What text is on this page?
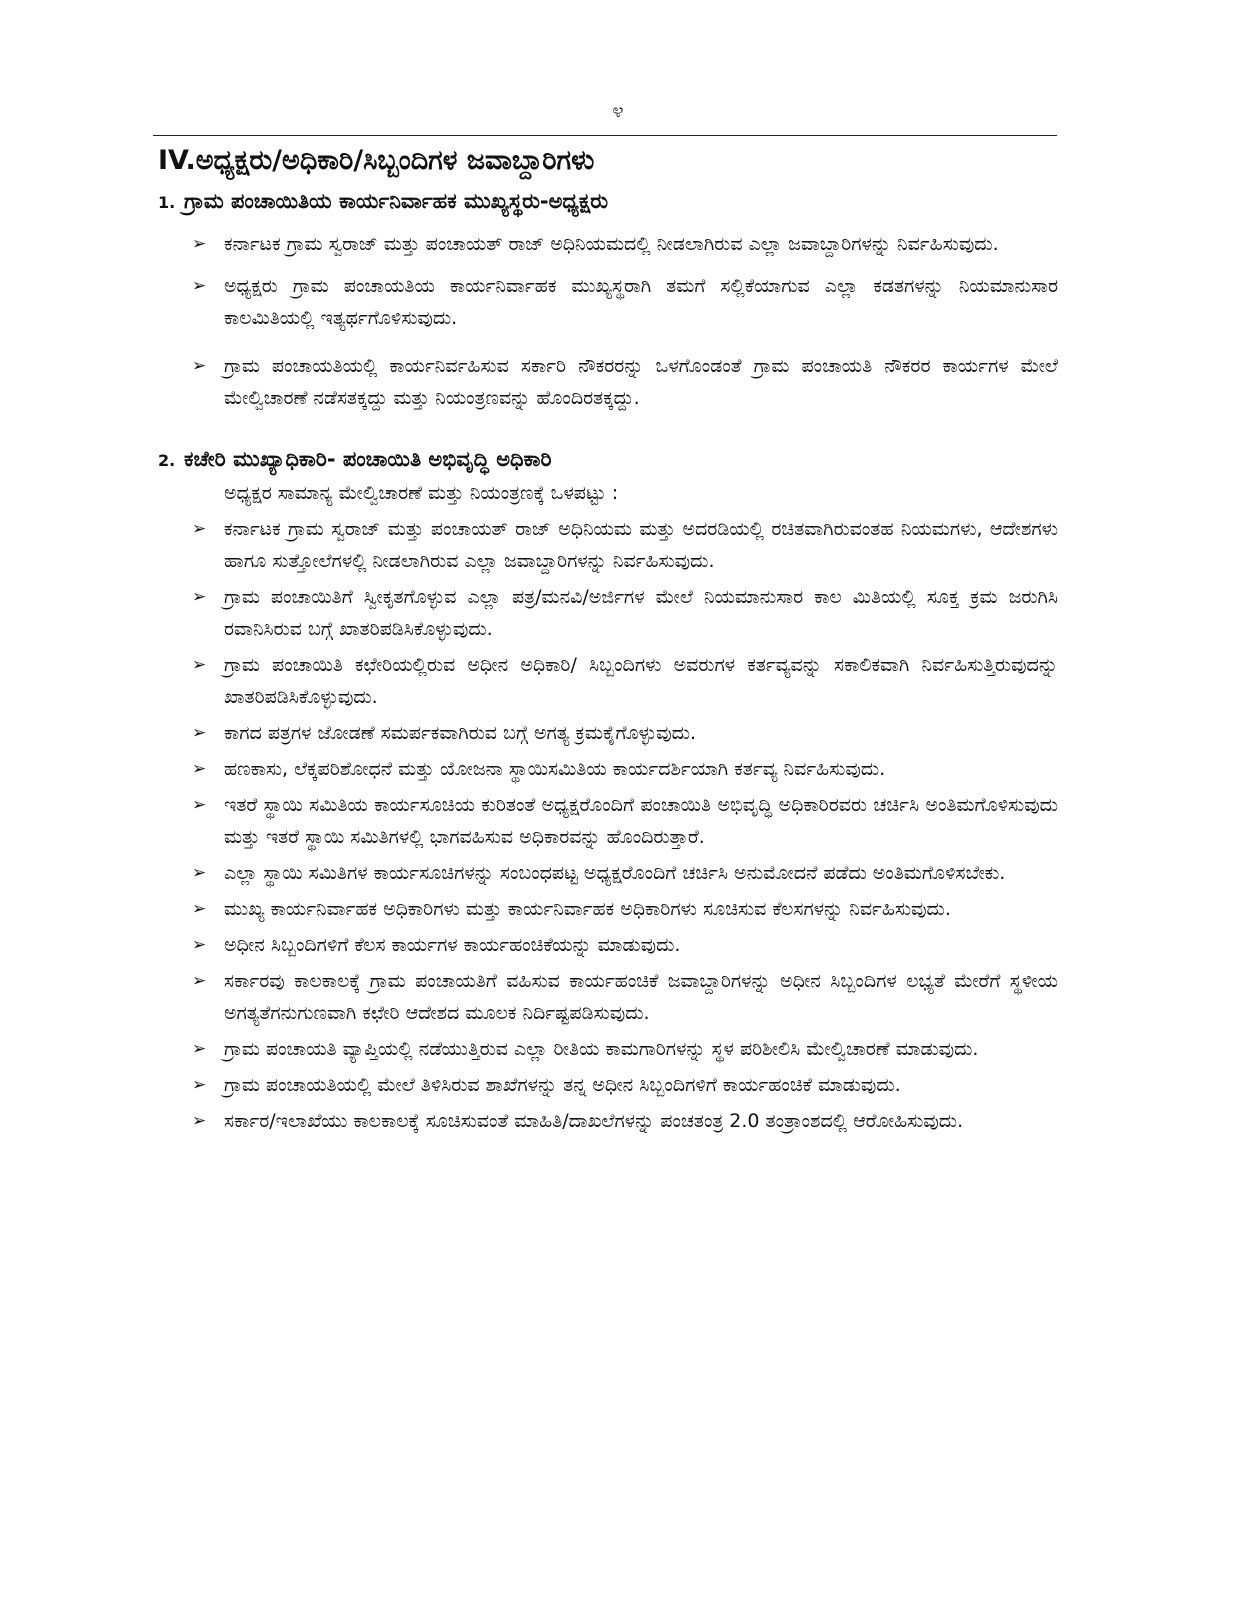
೪
IV.ಅಧ್ಯಕ್ಷರು/ಅಧಿಕಾರಿ/ಸಿಬ್ಬಂದಿಗಳ ಜವಾಬ್ದಾರಿಗಳು
1. ಗ್ರಾಮ ಪಂಚಾಯಿತಿಯ ಕಾರ್ಯನಿರ್ವಾಹಕ ಮುಖ್ಯಸ್ಥರು-ಅಧ್ಯಕ್ಷರು
➢ ಕರ್ನಾಟಕ ಗ್ರಾಮ ಸ್ವರಾಜ್ ಮತ್ತು ಪಂಚಾಯತ್ ರಾಜ್ ಅಧಿನಿಯಮದಲ್ಲಿ ನೀಡಲಾಗಿರುವ ಎಲ್ಲಾ ಜವಾಬ್ದಾರಿಗಳನ್ನು ನಿರ್ವಹಿಸುವುದು.
➢ ಅಧ್ಯಕ್ಷರು ಗ್ರಾಮ ಪಂಚಾಯತಿಯ ಕಾರ್ಯನಿರ್ವಾಹಕ ಮುಖ್ಯಸ್ಥರಾಗಿ ತಮಗೆ ಸಲ್ಲಿಕೆಯಾಗುವ ಎಲ್ಲಾ ಕಡತಗಳನ್ನು ನಿಯಮಾನುಸಾರ ಕಾಲಮಿತಿಯಲ್ಲಿ ಇತ್ಯರ್ಥಗೊಳಿಸುವುದು.
➢ ಗ್ರಾಮ ಪಂಚಾಯತಿಯಲ್ಲಿ ಕಾರ್ಯನಿರ್ವಹಿಸುವ ಸರ್ಕಾರಿ ನೌಕರರನ್ನು ಒಳಗೊಂಡಂತೆ ಗ್ರಾಮ ಪಂಚಾಯತಿ ನೌಕರರ ಕಾರ್ಯಗಳ ಮೇಲೆ ಮೇಲ್ವಿಚಾರಣೆ ನಡೆಸತಕ್ಕದ್ದು ಮತ್ತು ನಿಯಂತ್ರಣವನ್ನು ಹೊಂದಿರತಕ್ಕದ್ದು.
2. ಕಚೇರಿ ಮುಖ್ಯಾಧಿಕಾರಿ- ಪಂಚಾಯಿತಿ ಅಭಿವೃದ್ಧಿ ಅಧಿಕಾರಿ
ಅಧ್ಯಕ್ಷರ ಸಾಮಾನ್ಯ ಮೇಲ್ವಿಚಾರಣೆ ಮತ್ತು ನಿಯಂತ್ರಣಕ್ಕೆ ಒಳಪಟ್ಟು :
➢ ಕರ್ನಾಟಕ ಗ್ರಾಮ ಸ್ವರಾಜ್ ಮತ್ತು ಪಂಚಾಯತ್ ರಾಜ್ ಅಧಿನಿಯಮ ಮತ್ತು ಅದರಡಿಯಲ್ಲಿ ರಚಿತವಾಗಿರುವಂತಹ ನಿಯಮಗಳು, ಆದೇಶಗಳು ಹಾಗೂ ಸುತ್ತೋಲೆಗಳಲ್ಲಿ ನೀಡಲಾಗಿರುವ ಎಲ್ಲಾ ಜವಾಬ್ದಾರಿಗಳನ್ನು ನಿರ್ವಹಿಸುವುದು.
➢ ಗ್ರಾಮ ಪಂಚಾಯಿತಿಗೆ ಸ್ವೀಕೃತಗೊಳ್ಳುವ ಎಲ್ಲಾ ಪತ್ರ/ಮನವಿ/ಅರ್ಜಿಗಳ ಮೇಲೆ ನಿಯಮಾನುಸಾರ ಕಾಲ ಮಿತಿಯಲ್ಲಿ ಸೂಕ್ತ ಕ್ರಮ ಜರುಗಿಸಿ ರವಾನಿಸಿರುವ ಬಗ್ಗೆ ಖಾತರಿಪಡಿಸಿಕೊಳ್ಳುವುದು.
➢ ಗ್ರಾಮ ಪಂಚಾಯಿತಿ ಕಛೇರಿಯಲ್ಲಿರುವ ಅಧೀನ ಅಧಿಕಾರಿ/ ಸಿಬ್ಬಂದಿಗಳು ಅವರುಗಳ ಕರ್ತವ್ಯವನ್ನು ಸಕಾಲಿಕವಾಗಿ ನಿರ್ವಹಿಸುತ್ತಿರುವುದನ್ನು ಖಾತರಿಪಡಿಸಿಕೊಳ್ಳುವುದು.
➢ ಕಾಗದ ಪತ್ರಗಳ ಜೋಡಣೆ ಸಮರ್ಪಕವಾಗಿರುವ ಬಗ್ಗೆ ಅಗತ್ಯ ಕ್ರಮಕೈಗೊಳ್ಳುವುದು.
➢ ಹಣಕಾಸು, ಲೆಕ್ಕಪರಿಶೋಧನೆ ಮತ್ತು ಯೋಜನಾ ಸ್ಥಾಯಿಸಮಿತಿಯ ಕಾರ್ಯದರ್ಶಿಯಾಗಿ ಕರ್ತವ್ಯ ನಿರ್ವಹಿಸುವುದು.
➢ ಇತರೆ ಸ್ಥಾಯಿ ಸಮಿತಿಯ ಕಾರ್ಯಸೂಚಿಯ ಕುರಿತಂತೆ ಅಧ್ಯಕ್ಷರೊಂದಿಗೆ ಪಂಚಾಯಿತಿ ಅಭಿವೃದ್ಧಿ ಅಧಿಕಾರಿರವರು ಚರ್ಚಿಸಿ ಅಂತಿಮಗೊಳಿಸುವುದು ಮತ್ತು ಇತರೆ ಸ್ಥಾಯಿ ಸಮಿತಿಗಳಲ್ಲಿ ಭಾಗವಹಿಸುವ ಅಧಿಕಾರವನ್ನು ಹೊಂದಿರುತ್ತಾರೆ.
➢ ಎಲ್ಲಾ ಸ್ಥಾಯಿ ಸಮಿತಿಗಳ ಕಾರ್ಯಸೂಚಿಗಳನ್ನು ಸಂಬಂಧಪಟ್ಟ ಅಧ್ಯಕ್ಷರೊಂದಿಗೆ ಚರ್ಚಿಸಿ ಅನುಮೋದನೆ ಪಡೆದು ಅಂತಿಮಗೊಳಿಸಬೇಕು.
➢ ಮುಖ್ಯ ಕಾರ್ಯನಿರ್ವಾಹಕ ಅಧಿಕಾರಿಗಳು ಮತ್ತು ಕಾರ್ಯನಿರ್ವಾಹಕ ಅಧಿಕಾರಿಗಳು ಸೂಚಿಸುವ ಕೆಲಸಗಳನ್ನು ನಿರ್ವಹಿಸುವುದು.
➢ ಅಧೀನ ಸಿಬ್ಬಂದಿಗಳಿಗೆ ಕೆಲಸ ಕಾರ್ಯಗಳ ಕಾರ್ಯಹಂಚಿಕೆಯನ್ನು ಮಾಡುವುದು.
➢ ಸರ್ಕಾರವು ಕಾಲಕಾಲಕ್ಕೆ ಗ್ರಾಮ ಪಂಚಾಯತಿಗೆ ವಹಿಸುವ ಕಾರ್ಯಹಂಚಿಕೆ ಜವಾಬ್ದಾರಿಗಳನ್ನು ಅಧೀನ ಸಿಬ್ಬಂದಿಗಳ ಲಭ್ಯತೆ ಮೇರೆಗೆ ಸ್ಥಳೀಯ ಅಗತ್ಯತೆಗನುಗುಣವಾಗಿ ಕಛೇರಿ ಆದೇಶದ ಮೂಲಕ ನಿರ್ದಿಷ್ಟಪಡಿಸುವುದು.
➢ ಗ್ರಾಮ ಪಂಚಾಯತಿ ವ್ಯಾಪ್ತಿಯಲ್ಲಿ ನಡೆಯುತ್ತಿರುವ ಎಲ್ಲಾ ರೀತಿಯ ಕಾಮಗಾರಿಗಳನ್ನು ಸ್ಥಳ ಪರಿಶೀಲಿಸಿ ಮೇಲ್ವಿಚಾರಣೆ ಮಾಡುವುದು.
➢ ಗ್ರಾಮ ಪಂಚಾಯತಿಯಲ್ಲಿ ಮೇಲೆ ತಿಳಿಸಿರುವ ಶಾಖೆಗಳನ್ನು ತನ್ನ ಅಧೀನ ಸಿಬ್ಬಂದಿಗಳಿಗೆ ಕಾರ್ಯಹಂಚಿಕೆ ಮಾಡುವುದು.
➢ ಸರ್ಕಾರ/ಇಲಾಖೆಯು ಕಾಲಕಾಲಕ್ಕೆ ಸೂಚಿಸುವಂತೆ ಮಾಹಿತಿ/ದಾಖಲೆಗಳನ್ನು ಪಂಚತಂತ್ರ 2.0 ತಂತ್ರಾಂಶದಲ್ಲಿ ಆರೋಹಿಸುವುದು.
